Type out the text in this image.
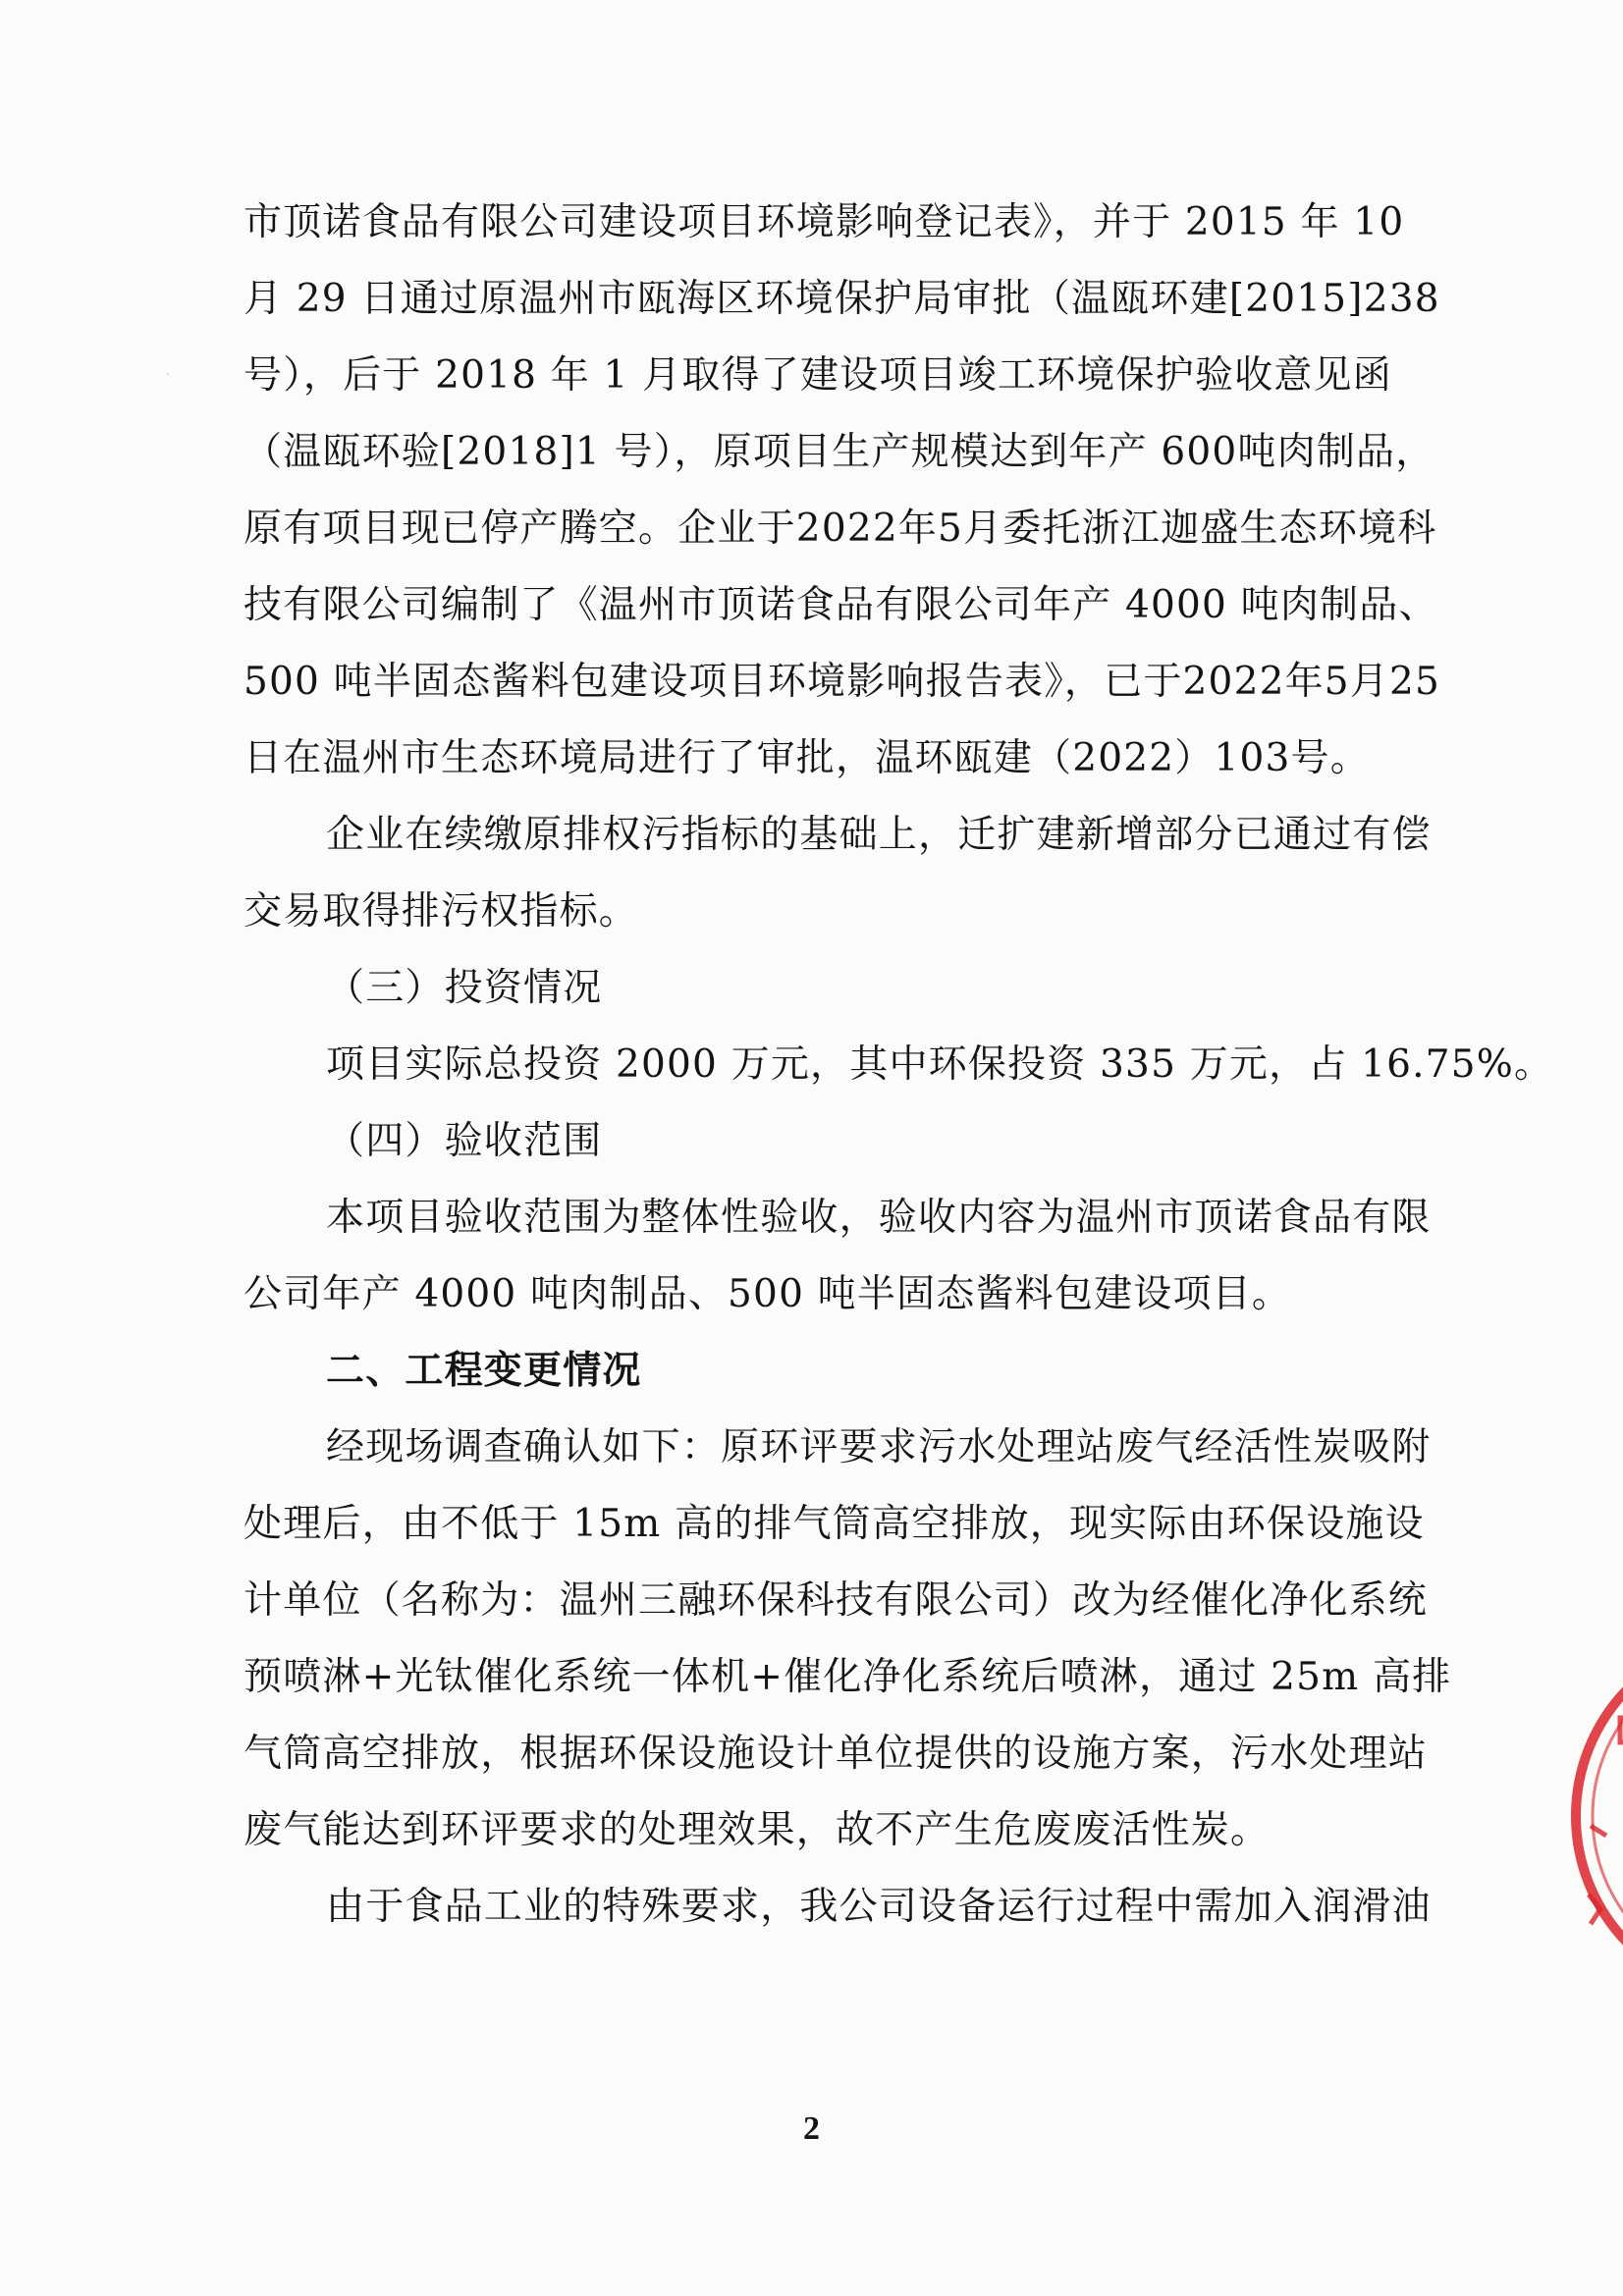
市顶诺食品有限公司建设项目环境影响登记表》，并于 2015 年 10
月 29 日通过原温州市瓯海区环境保护局审批（温瓯环建[2015]238
号），后于 2018 年 1 月取得了建设项目竣工环境保护验收意见函
（温瓯环验[2018]1 号），原项目生产规模达到年产 600吨肉制品，
原有项目现已停产腾空。企业于2022年5月委托浙江迦盛生态环境科
技有限公司编制了《温州市顶诺食品有限公司年产 4000 吨肉制品、
500 吨半固态酱料包建设项目环境影响报告表》，已于2022年5月25
日在温州市生态环境局进行了审批，温环瓯建（2022）103号。
企业在续缴原排权污指标的基础上，迁扩建新增部分已通过有偿
交易取得排污权指标。
（三）投资情况
项目实际总投资 2000 万元，其中环保投资 335 万元，占 16.75%。
（四）验收范围
本项目验收范围为整体性验收，验收内容为温州市顶诺食品有限
公司年产 4000 吨肉制品、500 吨半固态酱料包建设项目。
二、工程变更情况
经现场调查确认如下：原环评要求污水处理站废气经活性炭吸附
处理后，由不低于 15m 高的排气筒高空排放，现实际由环保设施设
计单位（名称为：温州三融环保科技有限公司）改为经催化净化系统
预喷淋+光钛催化系统一体机+催化净化系统后喷淋，通过 25m 高排
气筒高空排放，根据环保设施设计单位提供的设施方案，污水处理站
废气能达到环评要求的处理效果，故不产生危废废活性炭。
由于食品工业的特殊要求，我公司设备运行过程中需加入润滑油
2
